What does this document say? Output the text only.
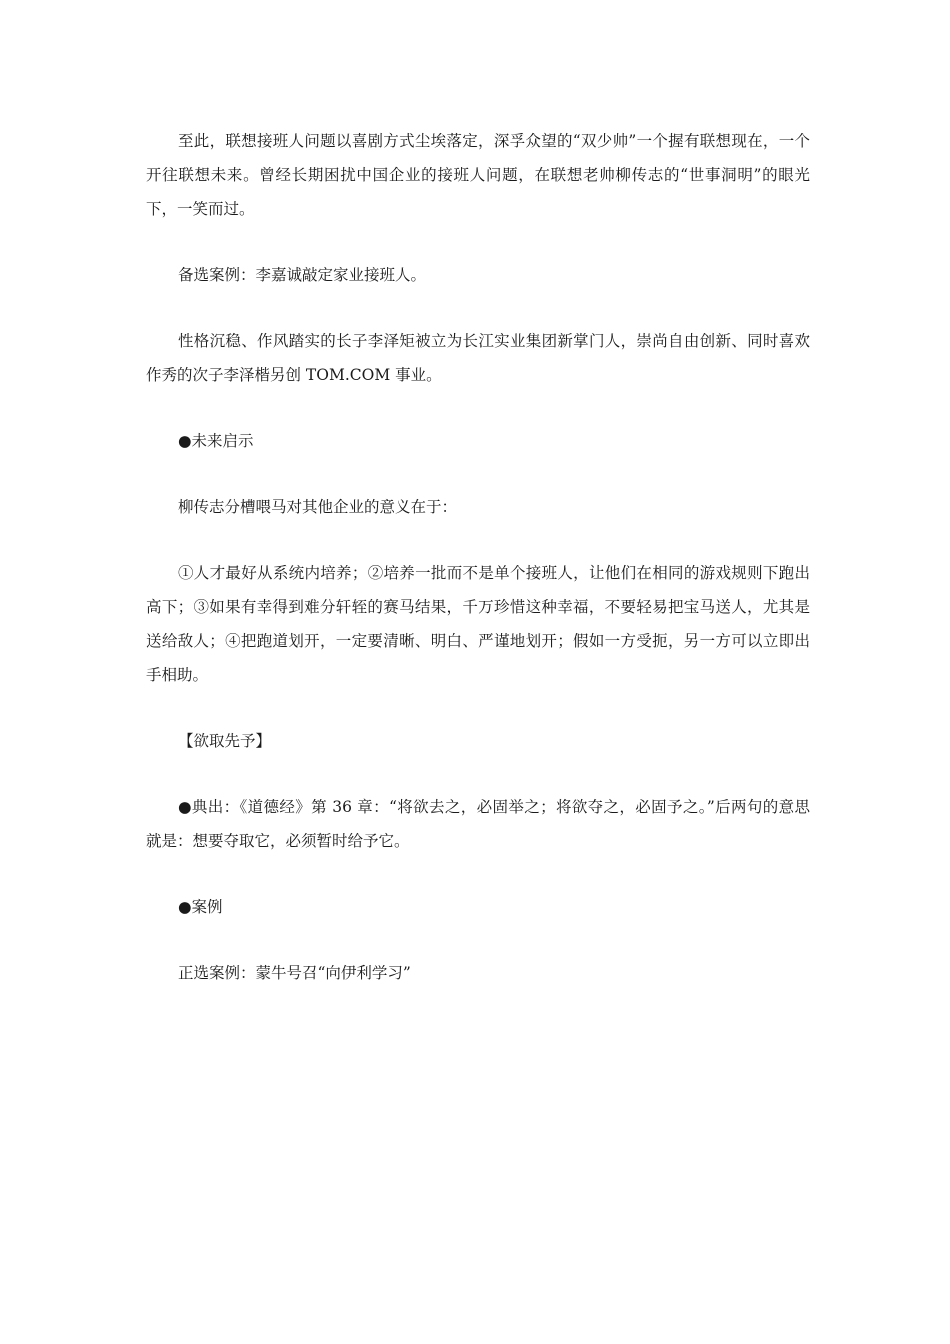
至此，联想接班人问题以喜剧方式尘埃落定，深孚众望的“双少帅”一个握有联想现在，一个开往联想未来。曾经长期困扰中国企业的接班人问题，在联想老帅柳传志的“世事洞明”的眼光下，一笑而过。

备选案例：李嘉诚敲定家业接班人。

性格沉稳、作风踏实的长子李泽矩被立为长江实业集团新掌门人，崇尚自由创新、同时喜欢作秀的次子李泽楷另创 TOM.COM 事业。

●未来启示

柳传志分槽喂马对其他企业的意义在于：

①人才最好从系统内培养；②培养一批而不是单个接班人，让他们在相同的游戏规则下跑出高下；③如果有幸得到难分轩轾的赛马结果，千万珍惜这种幸福，不要轻易把宝马送人，尤其是送给敌人；④把跑道划开，一定要清晰、明白、严谨地划开；假如一方受扼，另一方可以立即出手相助。

【欲取先予】

●典出：《道德经》第 36 章：“将欲去之，必固举之；将欲夺之，必固予之。”后两句的意思就是：想要夺取它，必须暂时给予它。

●案例

正选案例：蒙牛号召“向伊利学习”
